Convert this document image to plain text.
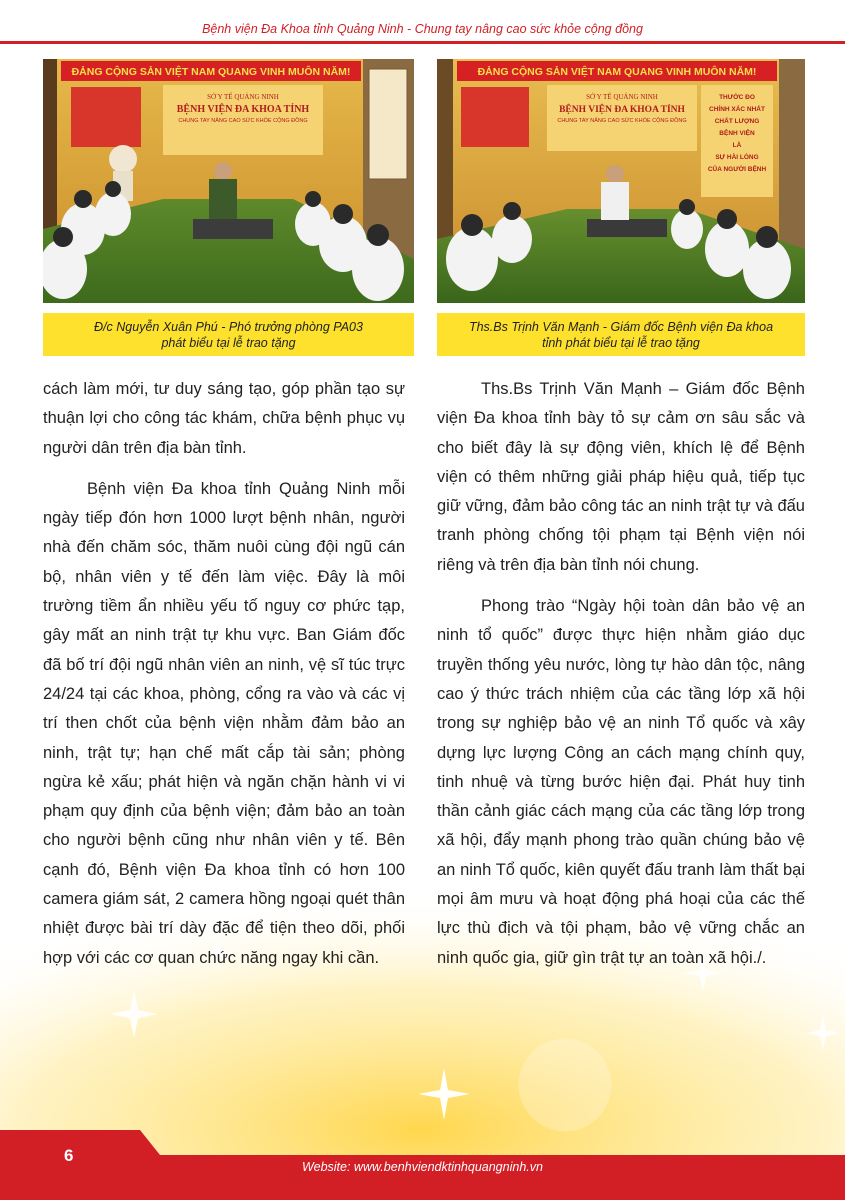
Bệnh viện Đa Khoa tỉnh Quảng Ninh - Chung tay nâng cao sức khỏe cộng đồng
ĐẢNG CỘNG SẢN VIỆT NAM QUANG VINH MUÔN NĂM!
SỞ Y TẾ QUẢNG NINH
BỆNH VIỆN ĐA KHOA TỈNH
CHUNG TAY NÂNG CAO SỨC KHỎE CỘNG ĐỒNG
Đ/c Nguyễn Xuân Phú - Phó trưởng phòng PA03
phát biểu tại lễ trao tặng
ĐẢNG CỘNG SẢN VIỆT NAM QUANG VINH MUÔN NĂM!
SỞ Y TẾ QUẢNG NINH
BỆNH VIỆN ĐA KHOA TỈNH
CHUNG TAY NÂNG CAO SỨC KHỎE CỘNG ĐỒNG
THƯỚC ĐO
CHÍNH XÁC NHẤT
CHẤT LƯỢNG
BỆNH VIỆN
LÀ
SỰ HÀI LÒNG
CỦA NGƯỜI BỆNH
Ths.Bs Trịnh Văn Mạnh - Giám đốc Bệnh viện Đa khoa
tỉnh phát biểu tại lễ trao tặng
6
Website: www.benhviendktinhquangninh.vn

cách làm mới, tư duy sáng tạo, góp phần tạo sự thuận lợi cho công tác khám, chữa bệnh phục vụ người dân trên địa bàn tỉnh.

Bệnh viện Đa khoa tỉnh Quảng Ninh mỗi ngày tiếp đón hơn 1000 lượt bệnh nhân, người nhà đến chăm sóc, thăm nuôi cùng đội ngũ cán bộ, nhân viên y tế đến làm việc. Đây là môi trường tiềm ẩn nhiều yếu tố nguy cơ phức tạp, gây mất an ninh trật tự khu vực. Ban Giám đốc đã bố trí đội ngũ nhân viên an ninh, vệ sĩ túc trực 24/24 tại các khoa, phòng, cổng ra vào và các vị trí then chốt của bệnh viện nhằm đảm bảo an ninh, trật tự; hạn chế mất cắp tài sản; phòng ngừa kẻ xấu; phát hiện và ngăn chặn hành vi vi phạm quy định của bệnh viện; đảm bảo an toàn cho người bệnh cũng như nhân viên y tế. Bên cạnh đó, Bệnh viện Đa khoa tỉnh có hơn 100 camera giám sát, 2 camera hồng ngoại quét thân nhiệt được bài trí dày đặc để tiện theo dõi, phối hợp với các cơ quan chức năng ngay khi cần.

Ths.Bs Trịnh Văn Mạnh – Giám đốc Bệnh viện Đa khoa tỉnh bày tỏ sự cảm ơn sâu sắc và cho biết đây là sự động viên, khích lệ để Bệnh viện có thêm những giải pháp hiệu quả, tiếp tục giữ vững, đảm bảo công tác an ninh trật tự và đấu tranh phòng chống tội phạm tại Bệnh viện nói riêng và trên địa bàn tỉnh nói chung.

Phong trào “Ngày hội toàn dân bảo vệ an ninh tổ quốc” được thực hiện nhằm giáo dục truyền thống yêu nước, lòng tự hào dân tộc, nâng cao ý thức trách nhiệm của các tầng lớp xã hội trong sự nghiệp bảo vệ an ninh Tổ quốc và xây dựng lực lượng Công an cách mạng chính quy, tinh nhuệ và từng bước hiện đại. Phát huy tinh thần cảnh giác cách mạng của các tầng lớp trong xã hội, đẩy mạnh phong trào quần chúng bảo vệ an ninh Tổ quốc, kiên quyết đấu tranh làm thất bại mọi âm mưu và hoạt động phá hoại của các thế lực thù địch và tội phạm, bảo vệ vững chắc an ninh quốc gia, giữ gìn trật tự an toàn xã hội./.
